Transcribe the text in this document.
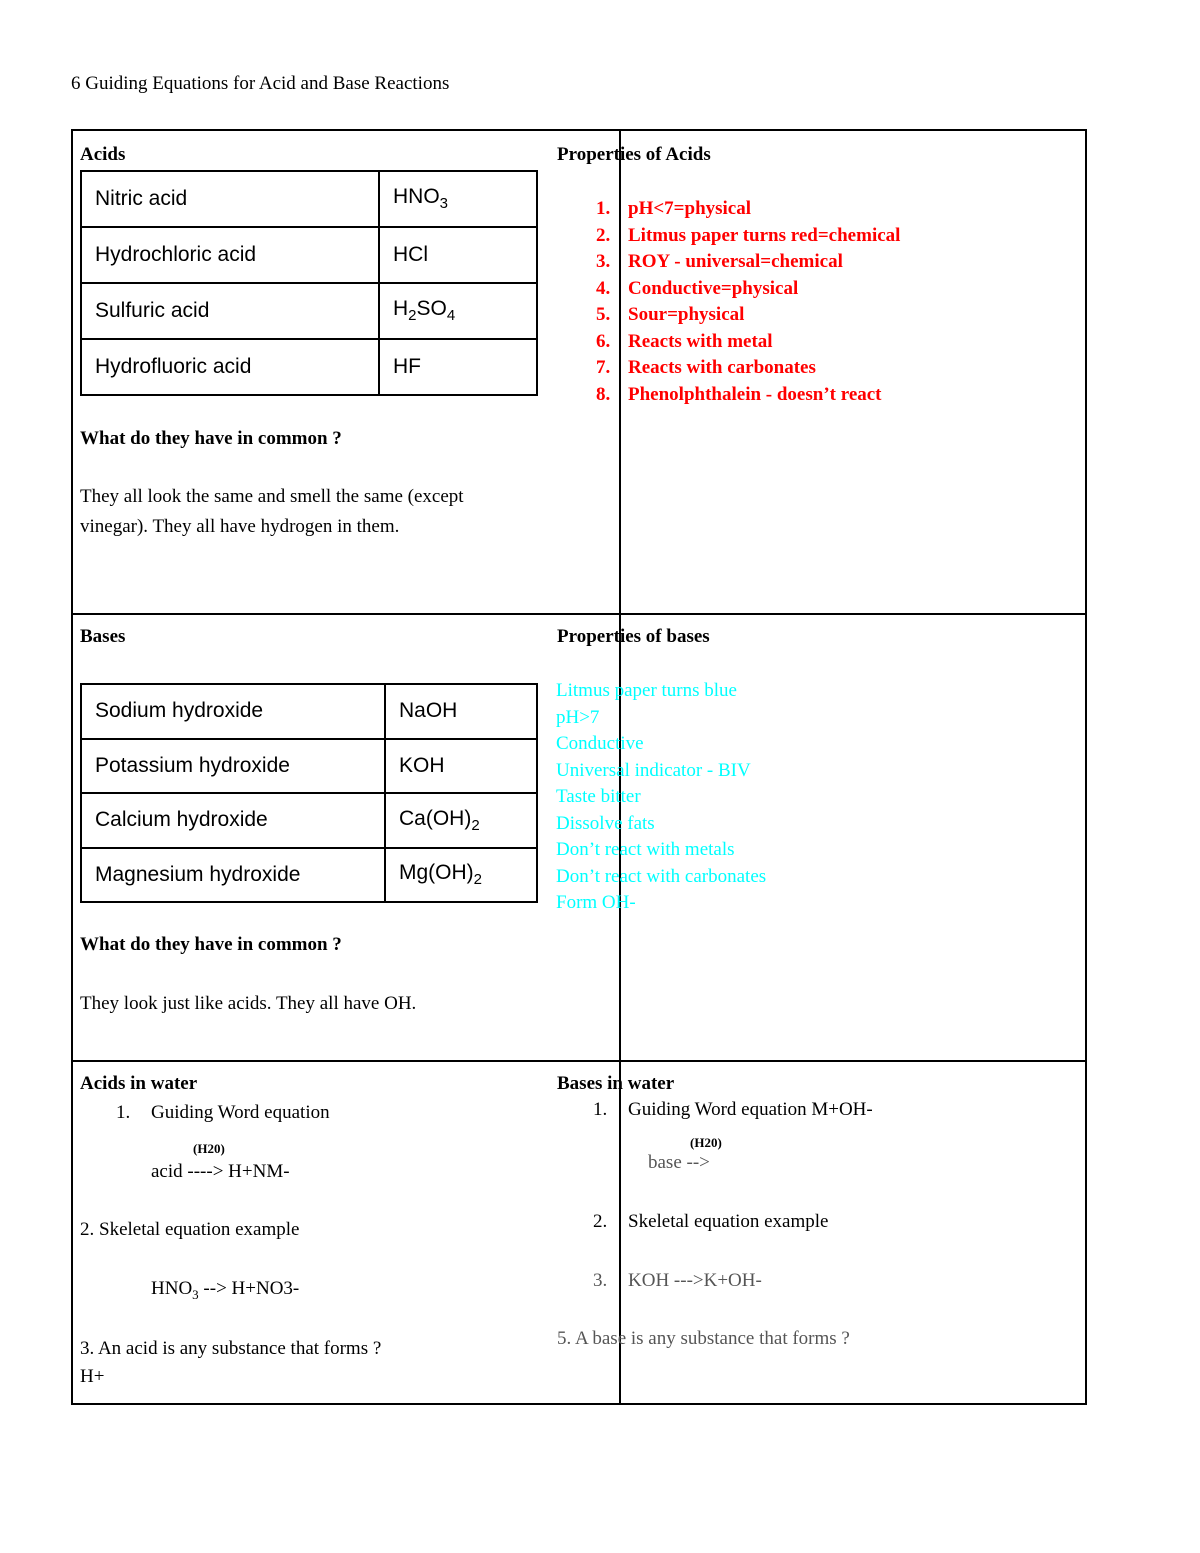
6 Guiding Equations for Acid and Base Reactions
Acids
Nitric acid	$HNO_3$
Hydrochloric acid	HCl
Sulfuric acid	$H_2SO_4$
Hydrofluoric acid	HF
What do they have in common ?
They all look the same and smell the same (except vinegar). They all have hydrogen in them.
Properties of Acids
1. pH<7=physical
2. Litmus paper turns red=chemical
3. ROY - universal=chemical
4. Conductive=physical
5. Sour=physical
6. Reacts with metal
7. Reacts with carbonates
8. Phenolphthalein - doesn’t react
Bases
Sodium hydroxide	NaOH
Potassium hydroxide	KOH
Calcium hydroxide	$Ca(OH)_2$
Magnesium hydroxide	$Mg(OH)_2$
What do they have in common ?
They look just like acids. They all have OH.
Properties of bases
Litmus paper turns blue
pH>7
Conductive
Universal indicator - BIV
Taste bitter
Dissolve fats
Don’t react with metals
Don’t react with carbonates
Form OH-
Acids in water
1. Guiding Word equation
(H20)
acid ----> H+NM-
2. Skeletal equation example
$HNO_3$ --> H+NO3-
3. An acid is any substance that forms ?
H+
Bases in water
1. Guiding Word equation M+OH-
(H20)
base -->
2. Skeletal equation example
3. KOH --->K+OH-
5. A base is any substance that forms ?
